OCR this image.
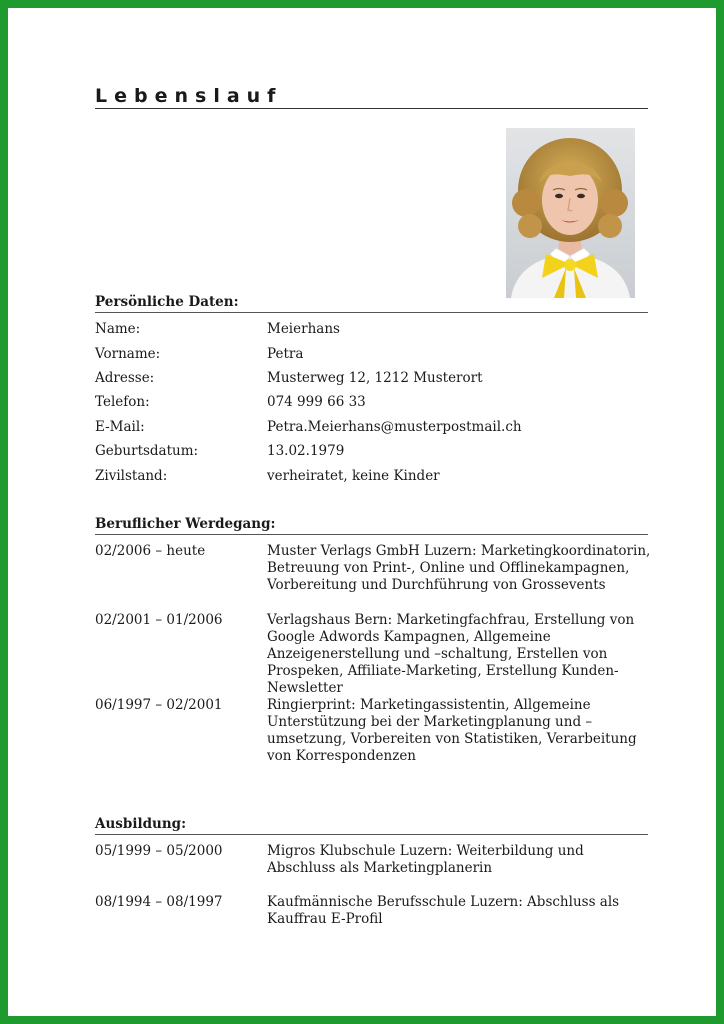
Lebenslauf
Persönliche Daten:
Name:	Meierhans
Vorname:	Petra
Adresse:	Musterweg 12, 1212 Musterort
Telefon:	074 999 66 33
E-Mail:	Petra.Meierhans@musterpostmail.ch
Geburtsdatum:	13.02.1979
Zivilstand:	verheiratet, keine Kinder
Beruflicher Werdegang:
02/2006 – heute	Muster Verlags GmbH Luzern: Marketingkoordinatorin, Betreuung von Print-, Online und Offlinekampagnen, Vorbereitung und Durchführung von Grossevents
02/2001 – 01/2006	Verlagshaus Bern: Marketingfachfrau, Erstellung von Google Adwords Kampagnen, Allgemeine Anzeigenerstellung und –schaltung, Erstellen von Prospeken, Affiliate-Marketing, Erstellung Kunden-Newsletter
06/1997 – 02/2001	Ringierprint: Marketingassistentin, Allgemeine Unterstützung bei der Marketingplanung und –umsetzung, Vorbereiten von Statistiken, Verarbeitung von Korrespondenzen
Ausbildung:
05/1999 – 05/2000	Migros Klubschule Luzern: Weiterbildung und Abschluss als Marketingplanerin
08/1994 – 08/1997	Kaufmännische Berufsschule Luzern: Abschluss als Kauffrau E-Profil
